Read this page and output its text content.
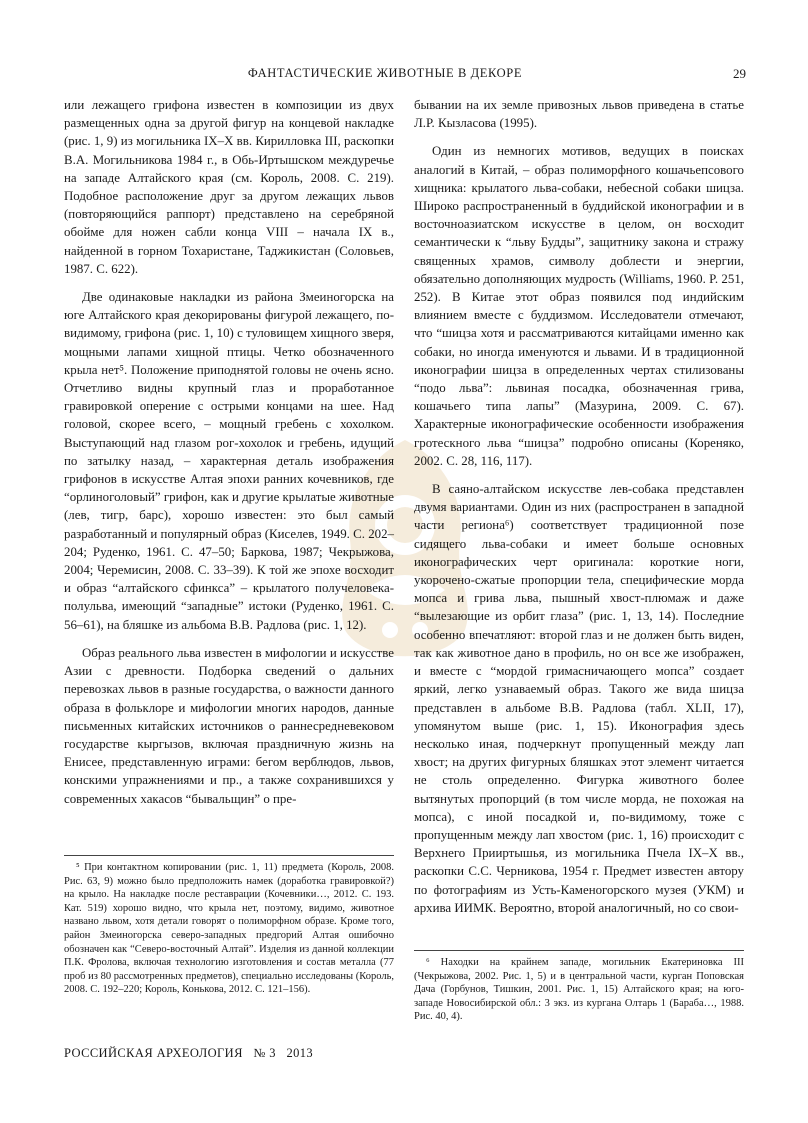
ФАНТАСТИЧЕСКИЕ ЖИВОТНЫЕ В ДЕКОРЕ	29

или лежащего грифона известен в композиции из двух размещенных одна за другой фигур на концевой накладке (рис. 1, 9) из могильника IX–X вв. Кирилловка III, раскопки В.А. Могильникова 1984 г., в Обь-Иртышском междуречье на западе Алтайского края (см. Король, 2008. С. 219). Подобное расположение друг за другом лежащих львов (повторяющийся раппорт) представлено на серебряной обойме для ножен сабли конца VIII – начала IX в., найденной в горном Тохаристане, Таджикистан (Соловьев, 1987. С. 622).

Две одинаковые накладки из района Змеиногорска на юге Алтайского края декорированы фигурой лежащего, по-видимому, грифона (рис. 1, 10) с туловищем хищного зверя, мощными лапами хищной птицы. Четко обозначенного крыла нет⁵. Положение приподнятой головы не очень ясно. Отчетливо видны крупный глаз и проработанное гравировкой оперение с острыми концами на шее. Над головой, скорее всего, – мощный гребень с хохолком. Выступающий над глазом рог-хохолок и гребень, идущий по затылку назад, – характерная деталь изображения грифонов в искусстве Алтая эпохи ранних кочевников, где “орлиноголовый” грифон, как и другие крылатые животные (лев, тигр, барс), хорошо известен: это был самый разработанный и популярный образ (Киселев, 1949. С. 202–204; Руденко, 1961. С. 47–50; Баркова, 1987; Чекрыжова, 2004; Черемисин, 2008. С. 33–39). К той же эпохе восходит и образ “алтайского сфинкса” – крылатого получеловека-полульва, имеющий “западные” истоки (Руденко, 1961. С. 56–61), на бляшке из альбома В.В. Радлова (рис. 1, 12).

Образ реального льва известен в мифологии и искусстве Азии с древности. Подборка сведений о дальних перевозках львов в разные государства, о важности данного образа в фольклоре и мифологии многих народов, данные письменных китайских источников о раннесредневековом государстве кыргызов, включая праздничную жизнь на Енисее, представленную играми: бегом верблюдов, львов, конскими упражнениями и пр., а также сохранившихся у современных хакасов “бывальщин” о пре-

бывании на их земле привозных львов приведена в статье Л.Р. Кызласова (1995).

Один из немногих мотивов, ведущих в поисках аналогий в Китай, – образ полиморфного кошачьепсового хищника: крылатого льва-собаки, небесной собаки шицза. Широко распространенный в буддийской иконографии и в восточноазиатском искусстве в целом, он восходит семантически к “льву Будды”, защитнику закона и стражу священных храмов, символу доблести и энергии, обязательно дополняющих мудрость (Williams, 1960. P. 251, 252). В Китае этот образ появился под индийским влиянием вместе с буддизмом. Исследователи отмечают, что “шицза хотя и рассматриваются китайцами именно как собаки, но иногда именуются и львами. И в традиционной иконографии шицза в определенных чертах стилизованы “подо льва”: львиная посадка, обозначенная грива, кошачьего типа лапы” (Мазурина, 2009. С. 67). Характерные иконографические особенности изображения гротескного льва “шицза” подробно описаны (Кореняко, 2002. С. 28, 116, 117).

В саяно-алтайском искусстве лев-собака представлен двумя вариантами. Один из них (распространен в западной части региона⁶) соответствует традиционной позе сидящего льва-собаки и имеет больше основных иконографических черт оригинала: короткие ноги, укорочено-сжатые пропорции тела, специфические морда мопса и грива льва, пышный хвост-плюмаж и даже “вылезающие из орбит глаза” (рис. 1, 13, 14). Последние особенно впечатляют: второй глаз и не должен быть виден, так как животное дано в профиль, но он все же изображен, и вместе с “мордой гримасничающего мопса” создает яркий, легко узнаваемый образ. Такого же вида шицза представлен в альбоме В.В. Радлова (табл. XLII, 17), упомянутом выше (рис. 1, 15). Иконография здесь несколько иная, подчеркнут пропущенный между лап хвост; на других фигурных бляшках этот элемент читается не столь определенно. Фигурка животного более вытянутых пропорций (в том числе морда, не похожая на мопса), с иной посадкой и, по-видимому, тоже с пропущенным между лап хвостом (рис. 1, 16) происходит с Верхнего Прииртышья, из могильника Пчела IX–X вв., раскопки С.С. Черникова, 1954 г. Предмет известен автору по фотографиям из Усть-Каменогорского музея (УКМ) и архива ИИМК. Вероятно, второй аналогичный, но со свои-

⁵ При контактном копировании (рис. 1, 11) предмета (Король, 2008. Рис. 63, 9) можно было предположить намек (доработка гравировкой?) на крыло. На накладке после реставрации (Кочевники…, 2012. С. 193. Кат. 519) хорошо видно, что крыла нет, поэтому, видимо, животное названо львом, хотя детали говорят о полиморфном образе. Кроме того, район Змеиногорска северо-западных предгорий Алтая ошибочно обозначен как “Северо-восточный Алтай”. Изделия из данной коллекции П.К. Фролова, включая технологию изготовления и состав металла (77 проб из 80 рассмотренных предметов), специально исследованы (Король, 2008. С. 192–220; Король, Конькова, 2012. С. 121–156).

⁶ Находки на крайнем западе, могильник Екатериновка III (Чекрыжова, 2002. Рис. 1, 5) и в центральной части, курган Поповская Дача (Горбунов, Тишкин, 2001. Рис. 1, 15) Алтайского края; на юго-западе Новосибирской обл.: 3 экз. из кургана Олтарь 1 (Бараба…, 1988. Рис. 40, 4).

РОССИЙСКАЯ АРХЕОЛОГИЯ   № 3   2013
